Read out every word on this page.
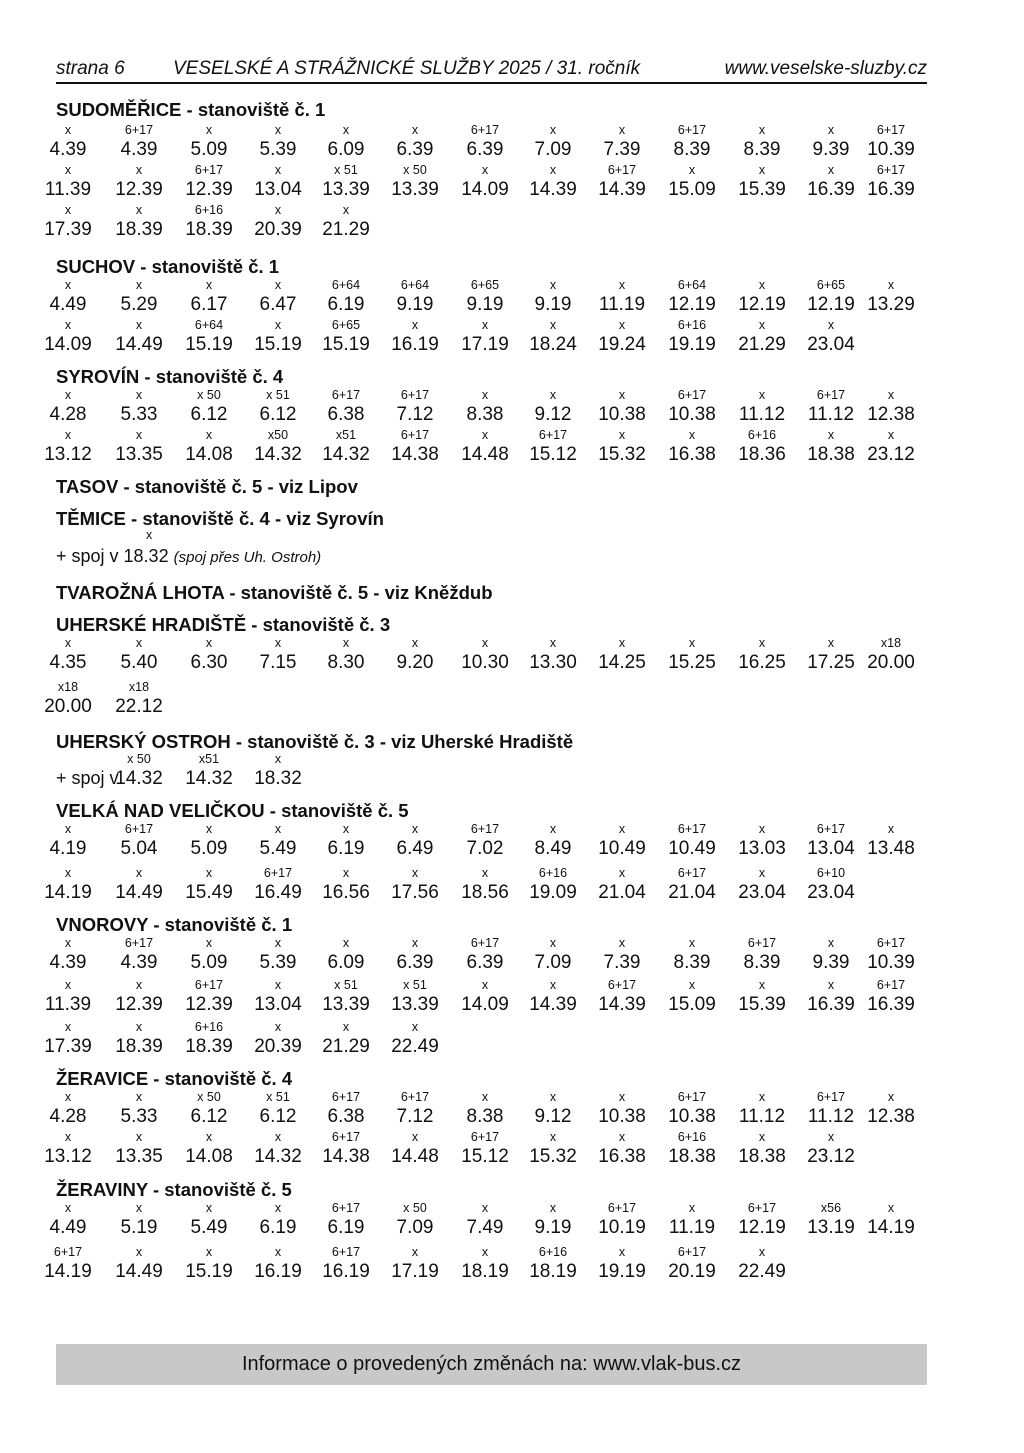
strana 6	VESELSKÉ A STRÁŽNICKÉ SLUŽBY 2025 / 31. ročník	www.veselske-sluzby.cz
SUDOMĚŘICE - stanoviště č. 1
x
4.39
6+17
4.39
x
5.09
x
5.39
x
6.09
x
6.39
6+17
6.39
x
7.09
x
7.39
6+17
8.39
x
8.39
x
9.39
6+17
10.39
x
11.39
x
12.39
6+17
12.39
x
13.04
x 51
13.39
x 50
13.39
x
14.09
x
14.39
6+17
14.39
x
15.09
x
15.39
x
16.39
6+17
16.39
x
17.39
x
18.39
6+16
18.39
x
20.39
x
21.29
SUCHOV - stanoviště č. 1
x
4.49
x
5.29
x
6.17
x
6.47
6+64
6.19
6+64
9.19
6+65
9.19
x
9.19
x
11.19
6+64
12.19
x
12.19
6+65
12.19
x
13.29
x
14.09
x
14.49
6+64
15.19
x
15.19
6+65
15.19
x
16.19
x
17.19
x
18.24
x
19.24
6+16
19.19
x
21.29
x
23.04
SYROVÍN - stanoviště č. 4
x
4.28
x
5.33
x 50
6.12
x 51
6.12
6+17
6.38
6+17
7.12
x
8.38
x
9.12
x
10.38
6+17
10.38
x
11.12
6+17
11.12
x
12.38
x
13.12
x
13.35
x
14.08
x50
14.32
x51
14.32
6+17
14.38
x
14.48
6+17
15.12
x
15.32
x
16.38
6+16
18.36
x
18.38
x
23.12
TASOV - stanoviště č. 5 - viz Lipov
TĚMICE - stanoviště č. 4 - viz Syrovín
x
+ spoj v 18.32 (spoj přes Uh. Ostroh)
TVAROŽNÁ LHOTA - stanoviště č. 5 - viz Kněždub
UHERSKÉ HRADIŠTĚ - stanoviště č. 3
x
4.35
x
5.40
x
6.30
x
7.15
x
8.30
x
9.20
x
10.30
x
13.30
x
14.25
x
15.25
x
16.25
x
17.25
x18
20.00
x18
20.00
x18
22.12
UHERSKÝ OSTROH - stanoviště č. 3 - viz Uherské Hradiště
+ spoj v
x 50
14.32
x51
14.32
x
18.32
VELKÁ NAD VELIČKOU - stanoviště č. 5
x
4.19
6+17
5.04
x
5.09
x
5.49
x
6.19
x
6.49
6+17
7.02
x
8.49
x
10.49
6+17
10.49
x
13.03
6+17
13.04
x
13.48
x
14.19
x
14.49
x
15.49
6+17
16.49
x
16.56
x
17.56
x
18.56
6+16
19.09
x
21.04
6+17
21.04
x
23.04
6+10
23.04
VNOROVY - stanoviště č. 1
x
4.39
6+17
4.39
x
5.09
x
5.39
x
6.09
x
6.39
6+17
6.39
x
7.09
x
7.39
x
8.39
6+17
8.39
x
9.39
6+17
10.39
x
11.39
x
12.39
6+17
12.39
x
13.04
x 51
13.39
x 51
13.39
x
14.09
x
14.39
6+17
14.39
x
15.09
x
15.39
x
16.39
6+17
16.39
x
17.39
x
18.39
6+16
18.39
x
20.39
x
21.29
x
22.49
ŽERAVICE - stanoviště č. 4
x
4.28
x
5.33
x 50
6.12
x 51
6.12
6+17
6.38
6+17
7.12
x
8.38
x
9.12
x
10.38
6+17
10.38
x
11.12
6+17
11.12
x
12.38
x
13.12
x
13.35
x
14.08
x
14.32
6+17
14.38
x
14.48
6+17
15.12
x
15.32
x
16.38
6+16
18.38
x
18.38
x
23.12
ŽERAVINY - stanoviště č. 5
x
4.49
x
5.19
x
5.49
x
6.19
6+17
6.19
x 50
7.09
x
7.49
x
9.19
6+17
10.19
x
11.19
6+17
12.19
x56
13.19
x
14.19
6+17
14.19
x
14.49
x
15.19
x
16.19
6+17
16.19
x
17.19
x
18.19
6+16
18.19
x
19.19
6+17
20.19
x
22.49
Informace o provedených změnách na: www.vlak-bus.cz
